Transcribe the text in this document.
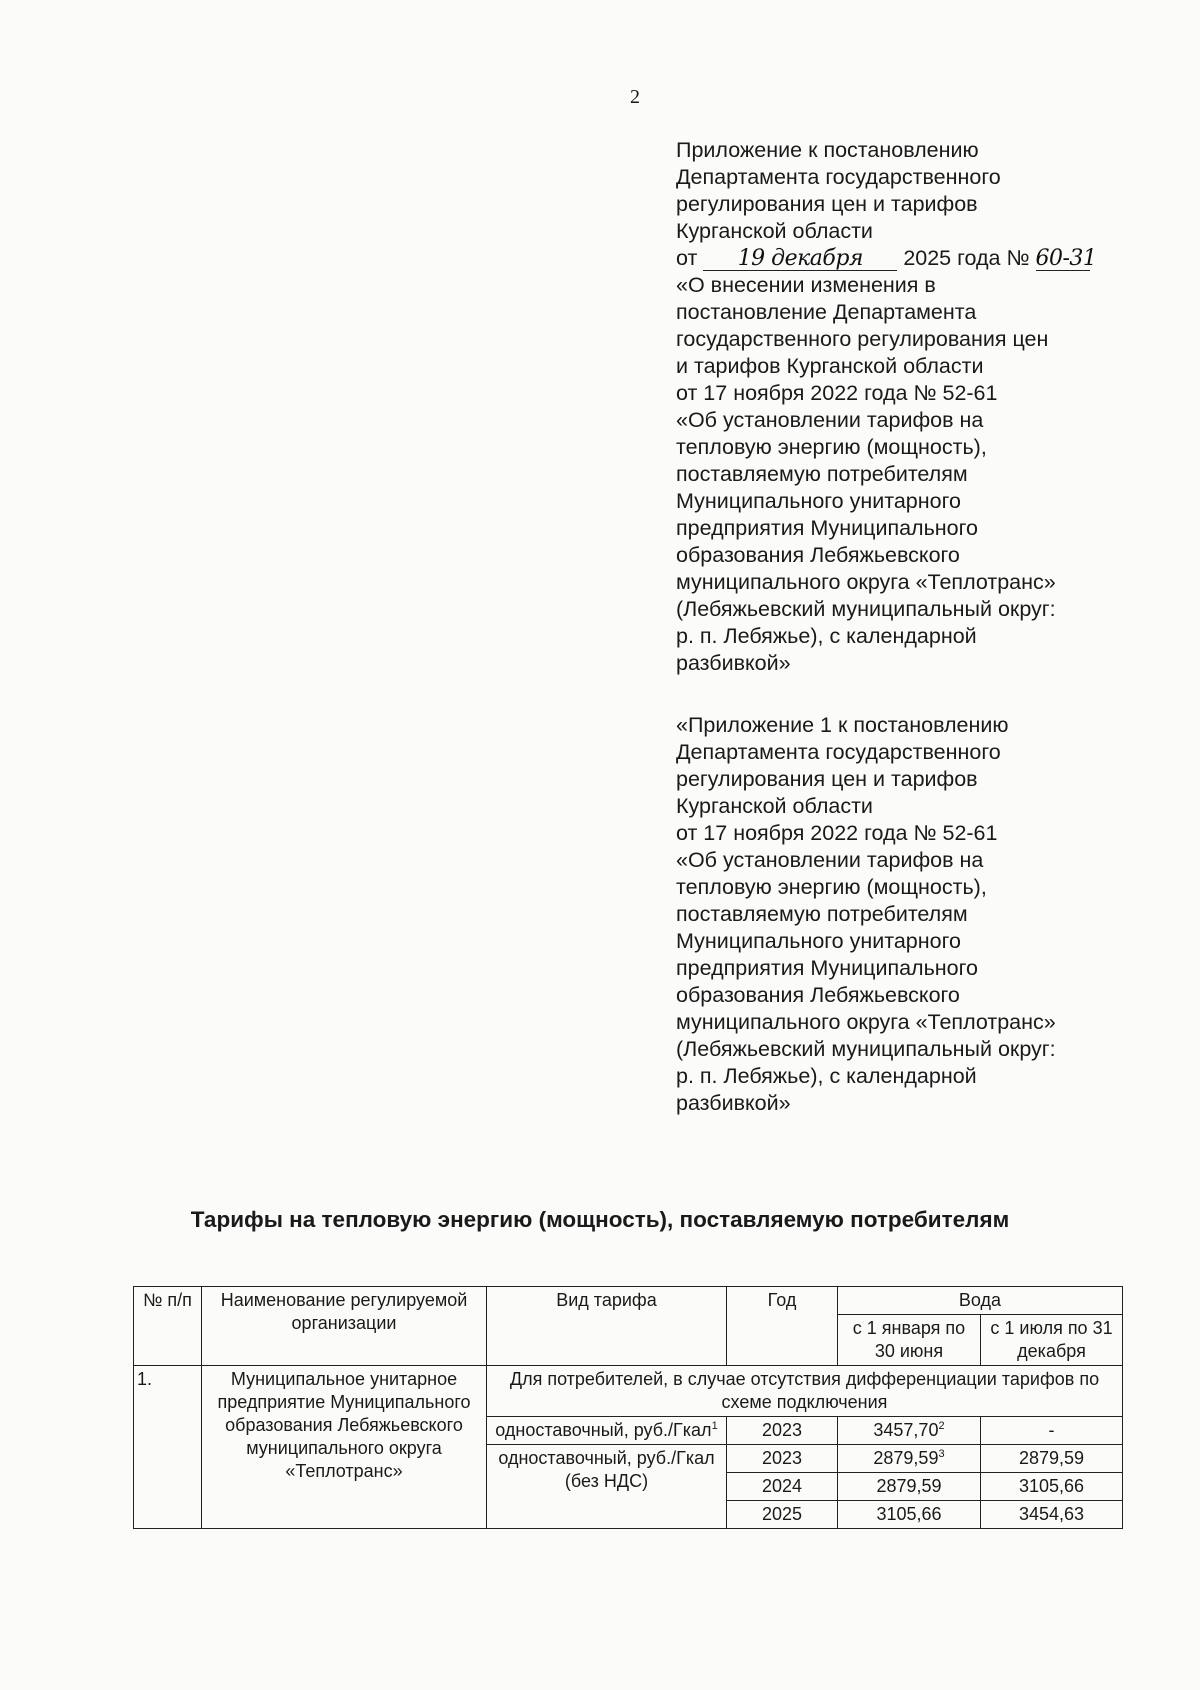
2
Приложение к постановлению
Департамента государственного
регулирования цен и тарифов
Курганской области
от 19 декабря 2025 года № 60-31
«О внесении изменения в
постановление Департамента
государственного регулирования цен
и тарифов Курганской области
от 17 ноября 2022 года № 52-61
«Об установлении тарифов на
тепловую энергию (мощность),
поставляемую потребителям
Муниципального унитарного
предприятия Муниципального
образования Лебяжьевского
муниципального округа «Теплотранс»
(Лебяжьевский муниципальный округ:
р. п. Лебяжье), с календарной
разбивкой»
«Приложение 1 к постановлению
Департамента государственного
регулирования цен и тарифов
Курганской области
от 17 ноября 2022 года № 52-61
«Об установлении тарифов на
тепловую энергию (мощность),
поставляемую потребителям
Муниципального унитарного
предприятия Муниципального
образования Лебяжьевского
муниципального округа «Теплотранс»
(Лебяжьевский муниципальный округ:
р. п. Лебяжье), с календарной
разбивкой»
Тарифы на тепловую энергию (мощность), поставляемую потребителям
№ п/п	Наименование регулируемой организации	Вид тарифа	Год	Вода	
				с 1 января по 30 июня	с 1 июля по 31 декабря
1.	Муниципальное унитарное предприятие Муниципального образования Лебяжьевского муниципального округа «Теплотранс»	Для потребителей, в случае отсутствия дифференциации тарифов по схеме подключения			
		одноставочный, руб./Гкал$^1$	2023	3457,70$^2$	-
		одноставочный, руб./Гкал (без НДС)	2023	2879,59$^3$	2879,59
			2024	2879,59	3105,66
			2025	3105,66	3454,63
